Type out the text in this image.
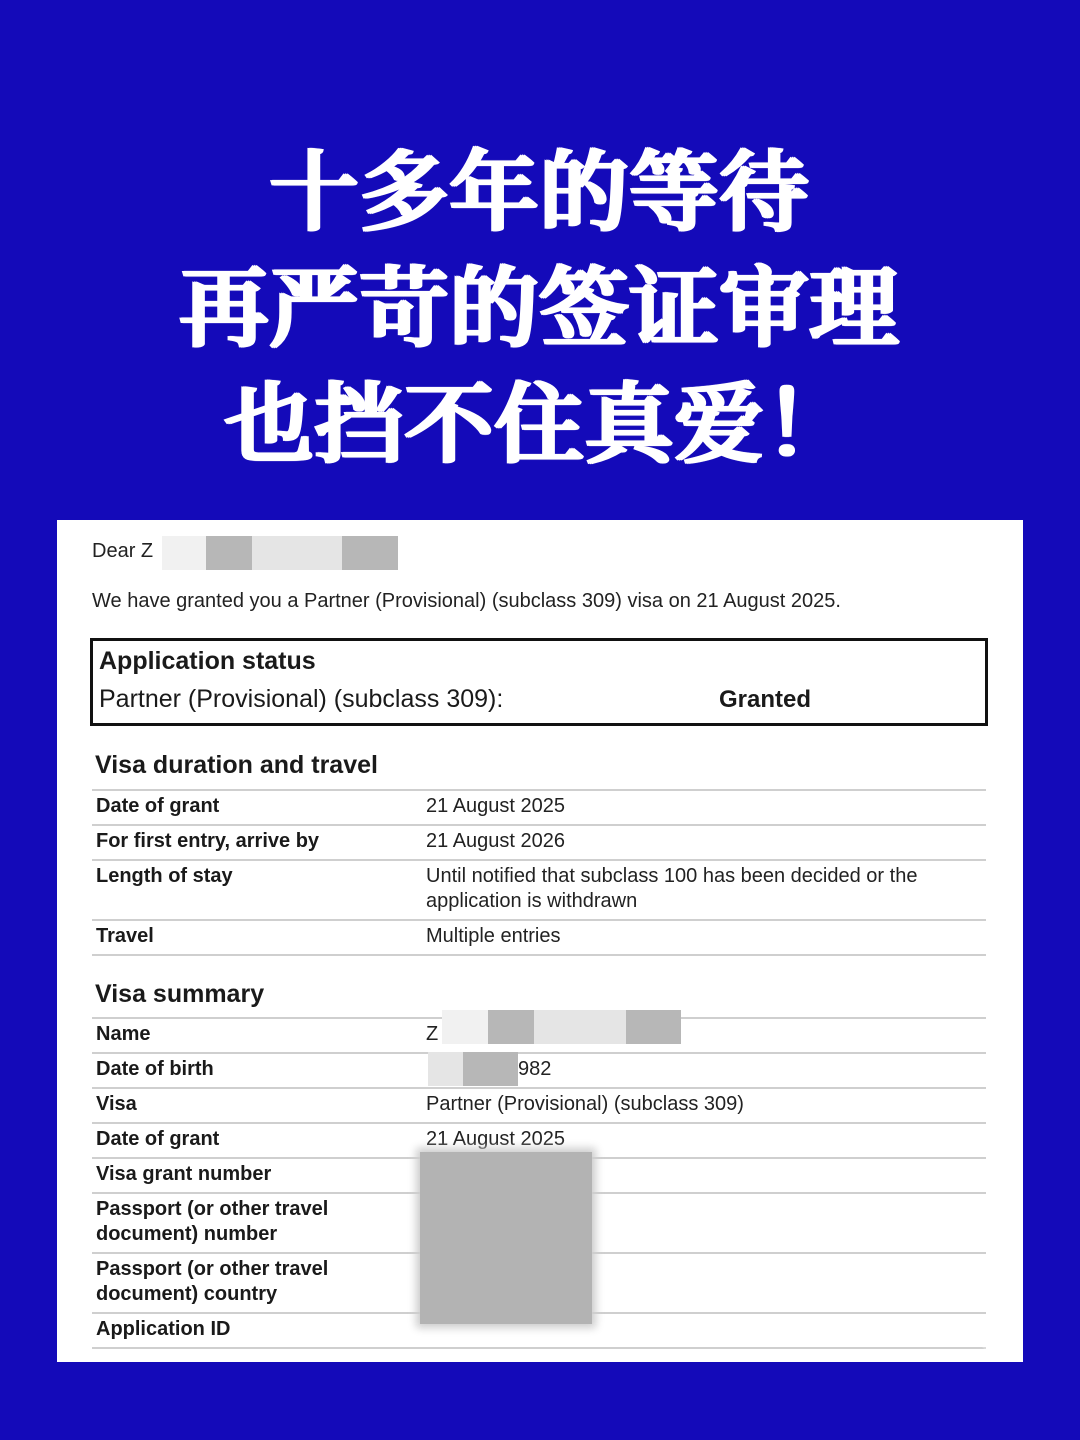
十多年的等待
再严苛的签证审理
也挡不住真爱！
Dear Z
We have granted you a Partner (Provisional) (subclass 309) visa on 21 August 2025.
Application status
Partner (Provisional) (subclass 309):	Granted
Visa duration and travel
Date of grant	21 August 2025
For first entry, arrive by	21 August 2026
Length of stay	Until notified that subclass 100 has been decided or the application is withdrawn
Travel	Multiple entries
Visa summary
Name	Z
Date of birth	982
Visa	Partner (Provisional) (subclass 309)
Date of grant	21 August 2025
Visa grant number
Passport (or other travel document) number
Passport (or other travel document) country
Application ID
